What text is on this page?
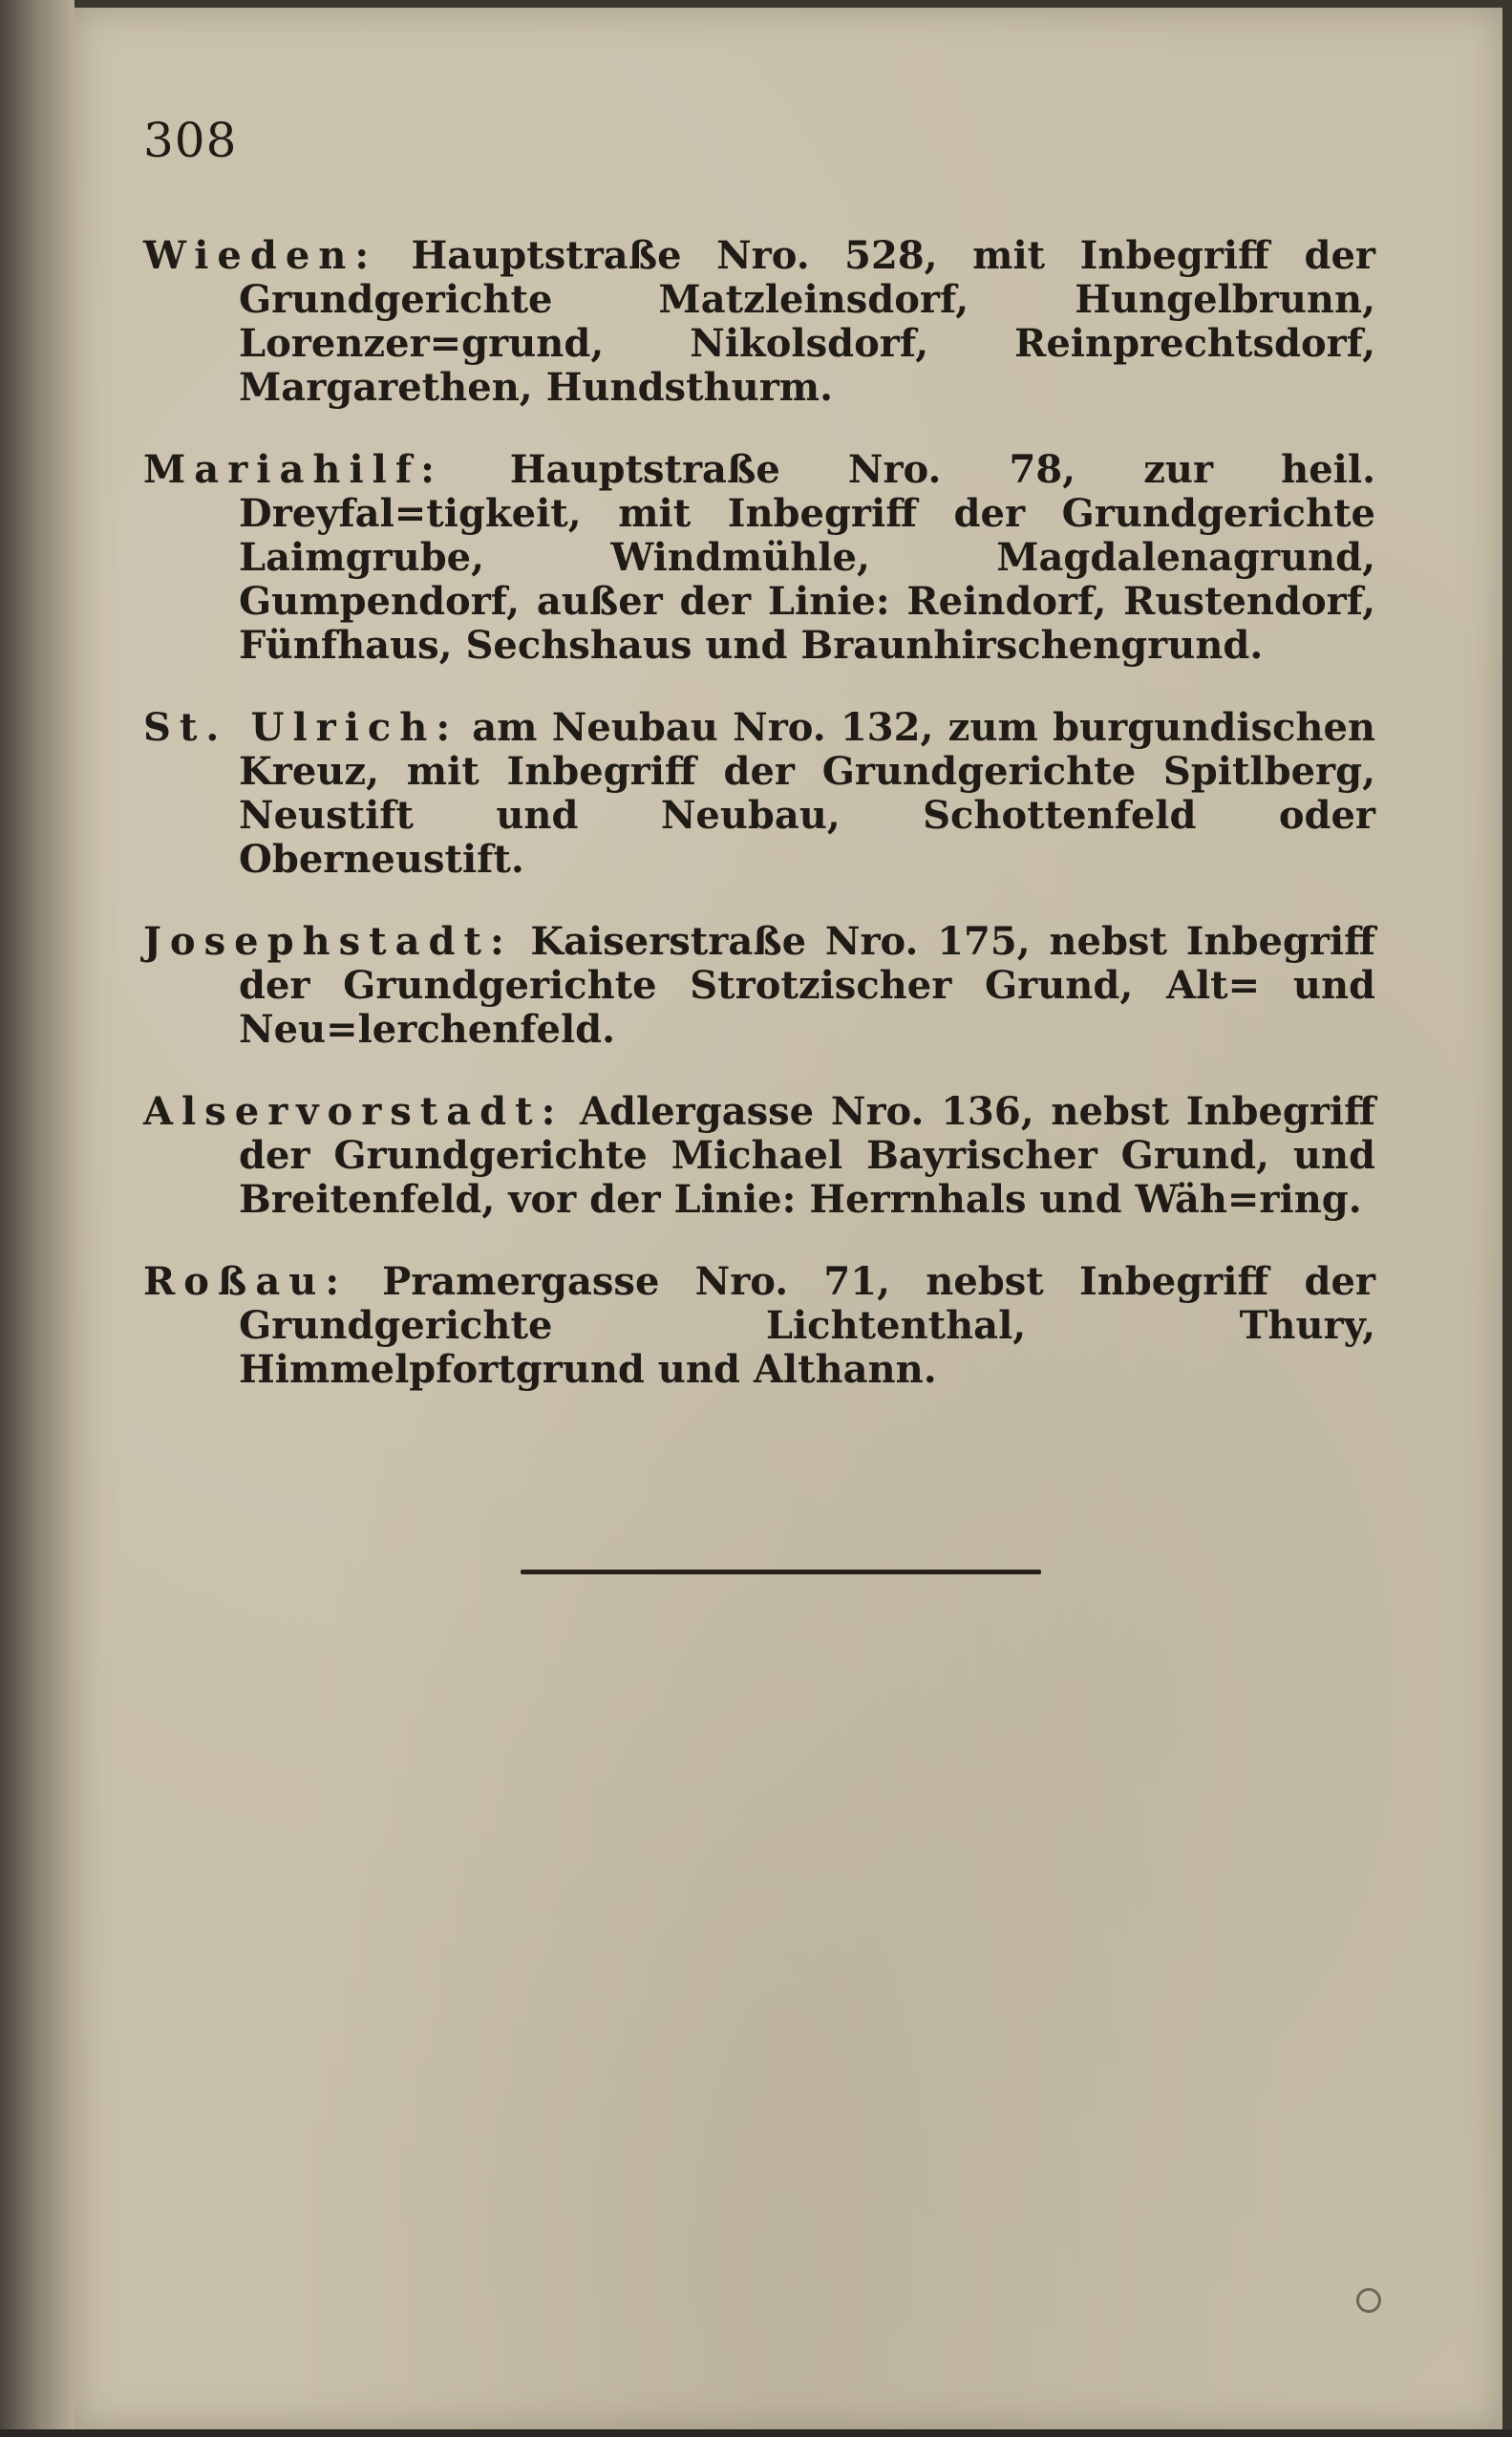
308

Wieden: Hauptstraße Nro. 528, mit Inbegriff der Grundgerichte Matzleinsdorf, Hungelbrunn, Lorenzer=grund, Nikolsdorf, Reinprechtsdorf, Margarethen, Hundsthurm.

Mariahilf: Hauptstraße Nro. 78, zur heil. Dreyfal=tigkeit, mit Inbegriff der Grundgerichte Laimgrube, Windmühle, Magdalenagrund, Gumpendorf, außer der Linie: Reindorf, Rustendorf, Fünfhaus, Sechshaus und Braunhirschengrund.

St. Ulrich: am Neubau Nro. 132, zum burgundischen Kreuz, mit Inbegriff der Grundgerichte Spitlberg, Neustift und Neubau, Schottenfeld oder Oberneustift.

Josephstadt: Kaiserstraße Nro. 175, nebst Inbegriff der Grundgerichte Strotzischer Grund, Alt= und Neu=lerchenfeld.

Alservorstadt: Adlergasse Nro. 136, nebst Inbegriff der Grundgerichte Michael Bayrischer Grund, und Breitenfeld, vor der Linie: Herrnhals und Wäh=ring.

Roßau: Pramergasse Nro. 71, nebst Inbegriff der Grundgerichte Lichtenthal, Thury, Himmelpfortgrund und Althann.
